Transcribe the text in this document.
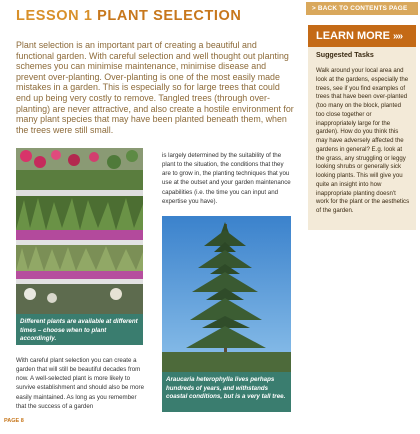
LESSON 1 PLANT SELECTION

Plant selection is an important part of creating a beautiful and functional garden. With careful selection and well thought out planting schemes you can minimise maintenance, minimise disease and prevent over-planting. Over-planting is one of the most easily made mistakes in a garden. This is especially so for large trees that could end up being very costly to remove. Tangled trees (through over-planting) are never attractive, and also create a hostile environment for many plant species that may have been planted beneath them, when the trees were still small.

Different plants are available at different times – choose when to plant accordingly.

With careful plant selection you can create a garden that will still be beautiful decades from now. A well-selected plant is more likely to survive establishment and should also be more easily maintained. As long as you remember that the success of a garden

is largely determined by the suitability of the plant to the situation, the conditions that they are to grow in, the planting techniques that you use at the outset and your garden maintenance capabilities (i.e. the time you can input and expertise you have).

Araucaria heterophylla lives perhaps hundreds of years, and withstands coastal conditions, but is a very tall tree.
> BACK TO CONTENTS PAGE
LEARN MORE »»

Suggested Tasks

Walk around your local area and look at the gardens, especially the trees, see if you find examples of trees that have been over-planted (too many on the block, planted too close together or inappropriately large for the garden). How do you think this may have adversely affected the gardens in general? E.g. look at the grass, any struggling or leggy looking shrubs or generally sick looking plants. This will give you quite an insight into how inappropriate planting doesn't work for the plant or the aesthetics of the garden.

PAGE 8
